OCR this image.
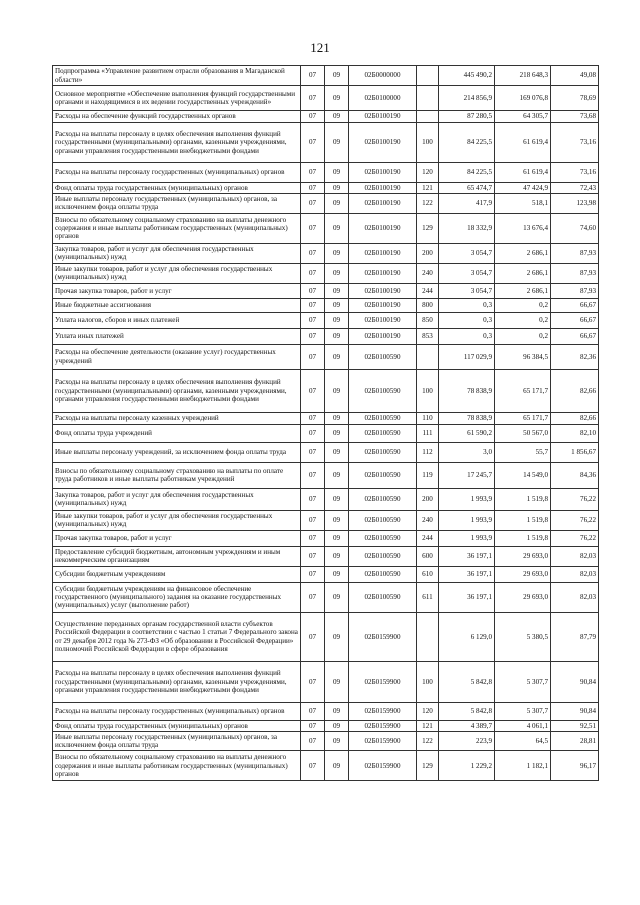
121
Подпрограмма «Управление развитием отрасли образования в Магаданской области»	07	09	02Б0000000		445 490,2	218 648,3	49,08
Основное мероприятие «Обеспечение выполнения функций государственными органами и находящимися в их ведении государственных учреждений»	07	09	02Б0100000		214 856,9	169 076,8	78,69
Расходы на обеспечение функций государственных органов	07	09	02Б0100190		87 280,5	64 305,7	73,68
Расходы на выплаты персоналу в целях обеспечения выполнения функций государственными (муниципальными) органами, казенными учреждениями, органами управления государственными внебюджетными фондами	07	09	02Б0100190	100	84 225,5	61 619,4	73,16
Расходы на выплаты персоналу государственных (муниципальных) органов	07	09	02Б0100190	120	84 225,5	61 619,4	73,16
Фонд оплаты труда государственных (муниципальных) органов	07	09	02Б0100190	121	65 474,7	47 424,9	72,43
Иные выплаты персоналу государственных (муниципальных) органов, за исключением фонда оплаты труда	07	09	02Б0100190	122	417,9	518,1	123,98
Взносы по обязательному социальному страхованию на выплаты денежного содержания и иные выплаты работникам государственных (муниципальных) органов	07	09	02Б0100190	129	18 332,9	13 676,4	74,60
Закупка товаров, работ и услуг для обеспечения государственных (муниципальных) нужд	07	09	02Б0100190	200	3 054,7	2 686,1	87,93
Иные закупки товаров, работ и услуг для обеспечения государственных (муниципальных) нужд	07	09	02Б0100190	240	3 054,7	2 686,1	87,93
Прочая закупка товаров, работ и услуг	07	09	02Б0100190	244	3 054,7	2 686,1	87,93
Иные бюджетные ассигнования	07	09	02Б0100190	800	0,3	0,2	66,67
Уплата налогов, сборов и иных платежей	07	09	02Б0100190	850	0,3	0,2	66,67
Уплата иных платежей	07	09	02Б0100190	853	0,3	0,2	66,67
Расходы на обеспечение деятельности (оказание услуг) государственных учреждений	07	09	02Б0100590		117 029,9	96 384,5	82,36
Расходы на выплаты персоналу в целях обеспечения выполнения функций государственными (муниципальными) органами, казенными учреждениями, органами управления государственными внебюджетными фондами	07	09	02Б0100590	100	78 838,9	65 171,7	82,66
Расходы на выплаты персоналу казенных учреждений	07	09	02Б0100590	110	78 838,9	65 171,7	82,66
Фонд оплаты труда учреждений	07	09	02Б0100590	111	61 590,2	50 567,0	82,10
Иные выплаты персоналу учреждений, за исключением фонда оплаты труда	07	09	02Б0100590	112	3,0	55,7	1 856,67
Взносы по обязательному социальному страхованию на выплаты по оплате труда работников и иные выплаты работникам учреждений	07	09	02Б0100590	119	17 245,7	14 549,0	84,36
Закупка товаров, работ и услуг для обеспечения государственных (муниципальных) нужд	07	09	02Б0100590	200	1 993,9	1 519,8	76,22
Иные закупки товаров, работ и услуг для обеспечения государственных (муниципальных) нужд	07	09	02Б0100590	240	1 993,9	1 519,8	76,22
Прочая закупка товаров, работ и услуг	07	09	02Б0100590	244	1 993,9	1 519,8	76,22
Предоставление субсидий бюджетным, автономным учреждениям и иным некоммерческим организациям	07	09	02Б0100590	600	36 197,1	29 693,0	82,03
Субсидии бюджетным учреждениям	07	09	02Б0100590	610	36 197,1	29 693,0	82,03
Субсидии бюджетным учреждениям на финансовое обеспечение государственного (муниципального) задания на оказание государственных (муниципальных) услуг (выполнение работ)	07	09	02Б0100590	611	36 197,1	29 693,0	82,03
Осуществление переданных органам государственной власти субъектов Российской Федерации в соответствии с частью 1 статьи 7 Федерального закона от 29 декабря 2012 года № 273-ФЗ «Об образовании в Российской Федерации» полномочий Российской Федерации в сфере образования	07	09	02Б0159900		6 129,0	5 380,5	87,79
Расходы на выплаты персоналу в целях обеспечения выполнения функций государственными (муниципальными) органами, казенными учреждениями, органами управления государственными внебюджетными фондами	07	09	02Б0159900	100	5 842,8	5 307,7	90,84
Расходы на выплаты персоналу государственных (муниципальных) органов	07	09	02Б0159900	120	5 842,8	5 307,7	90,84
Фонд оплаты труда государственных (муниципальных) органов	07	09	02Б0159900	121	4 389,7	4 061,1	92,51
Иные выплаты персоналу государственных (муниципальных) органов, за исключением фонда оплаты труда	07	09	02Б0159900	122	223,9	64,5	28,81
Взносы по обязательному социальному страхованию на выплаты денежного содержания и иные выплаты работникам государственных (муниципальных) органов	07	09	02Б0159900	129	1 229,2	1 182,1	96,17
